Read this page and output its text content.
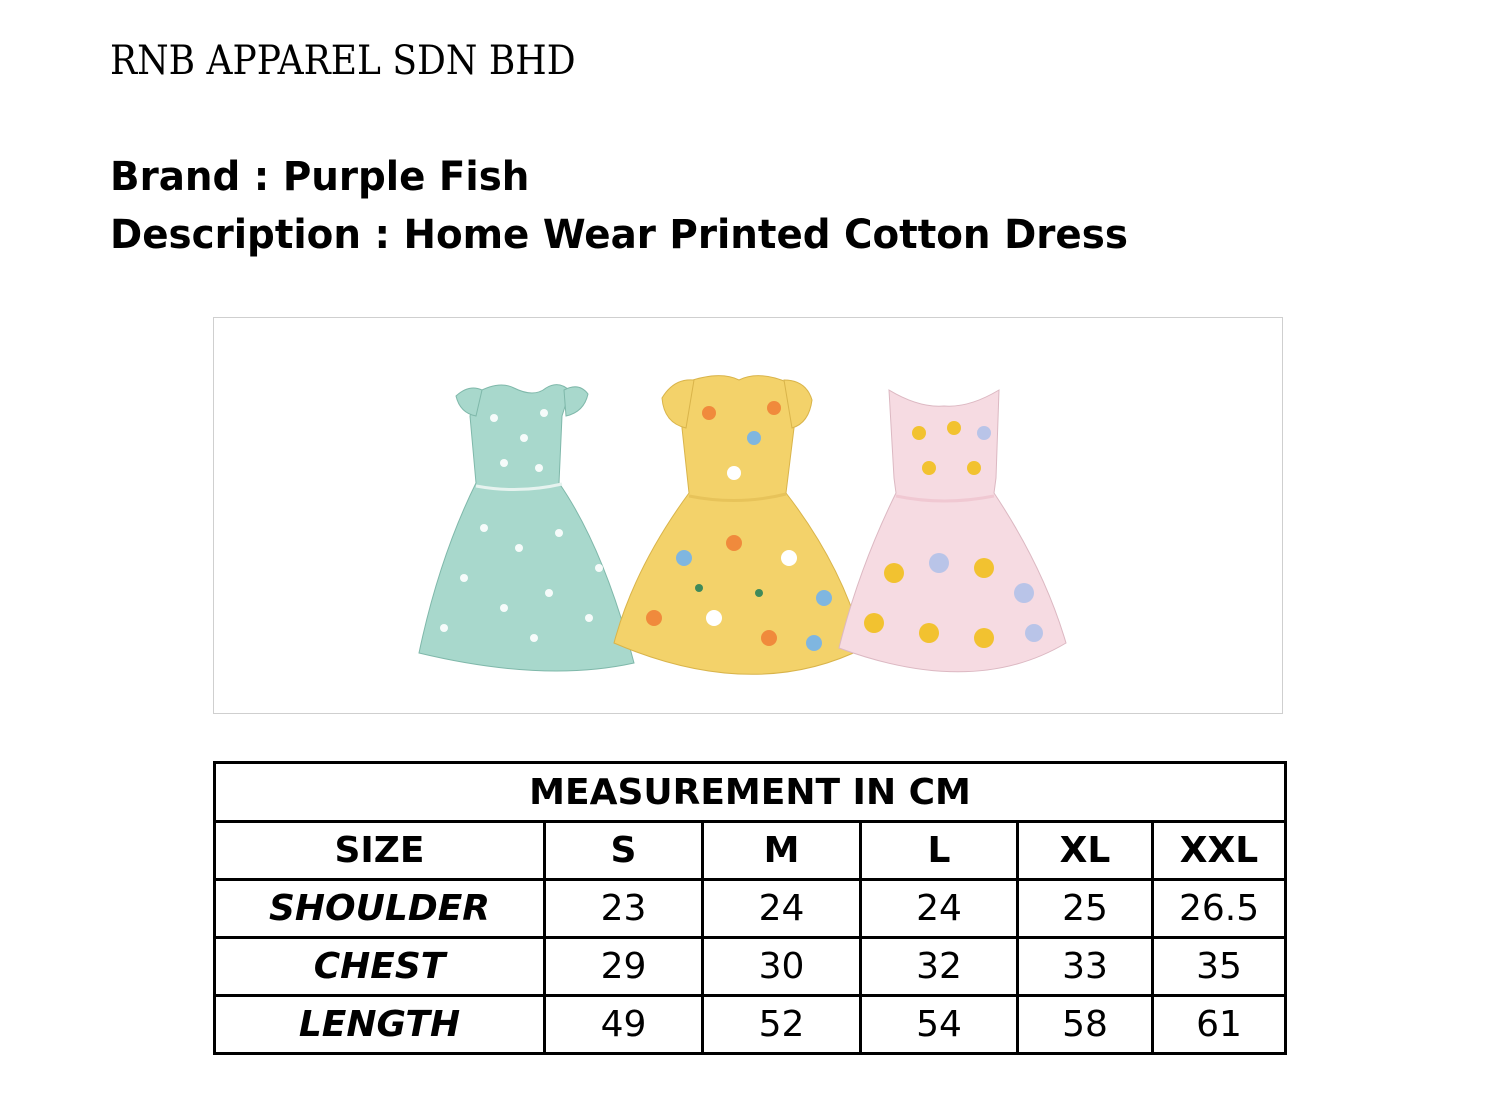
RNB APPAREL SDN BHD
Brand : Purple Fish
Description : Home Wear Printed Cotton Dress
MEASUREMENT IN CM					
SIZE	S	M	L	XL	XXL
SHOULDER	23	24	24	25	26.5
CHEST	29	30	32	33	35
LENGTH	49	52	54	58	61
